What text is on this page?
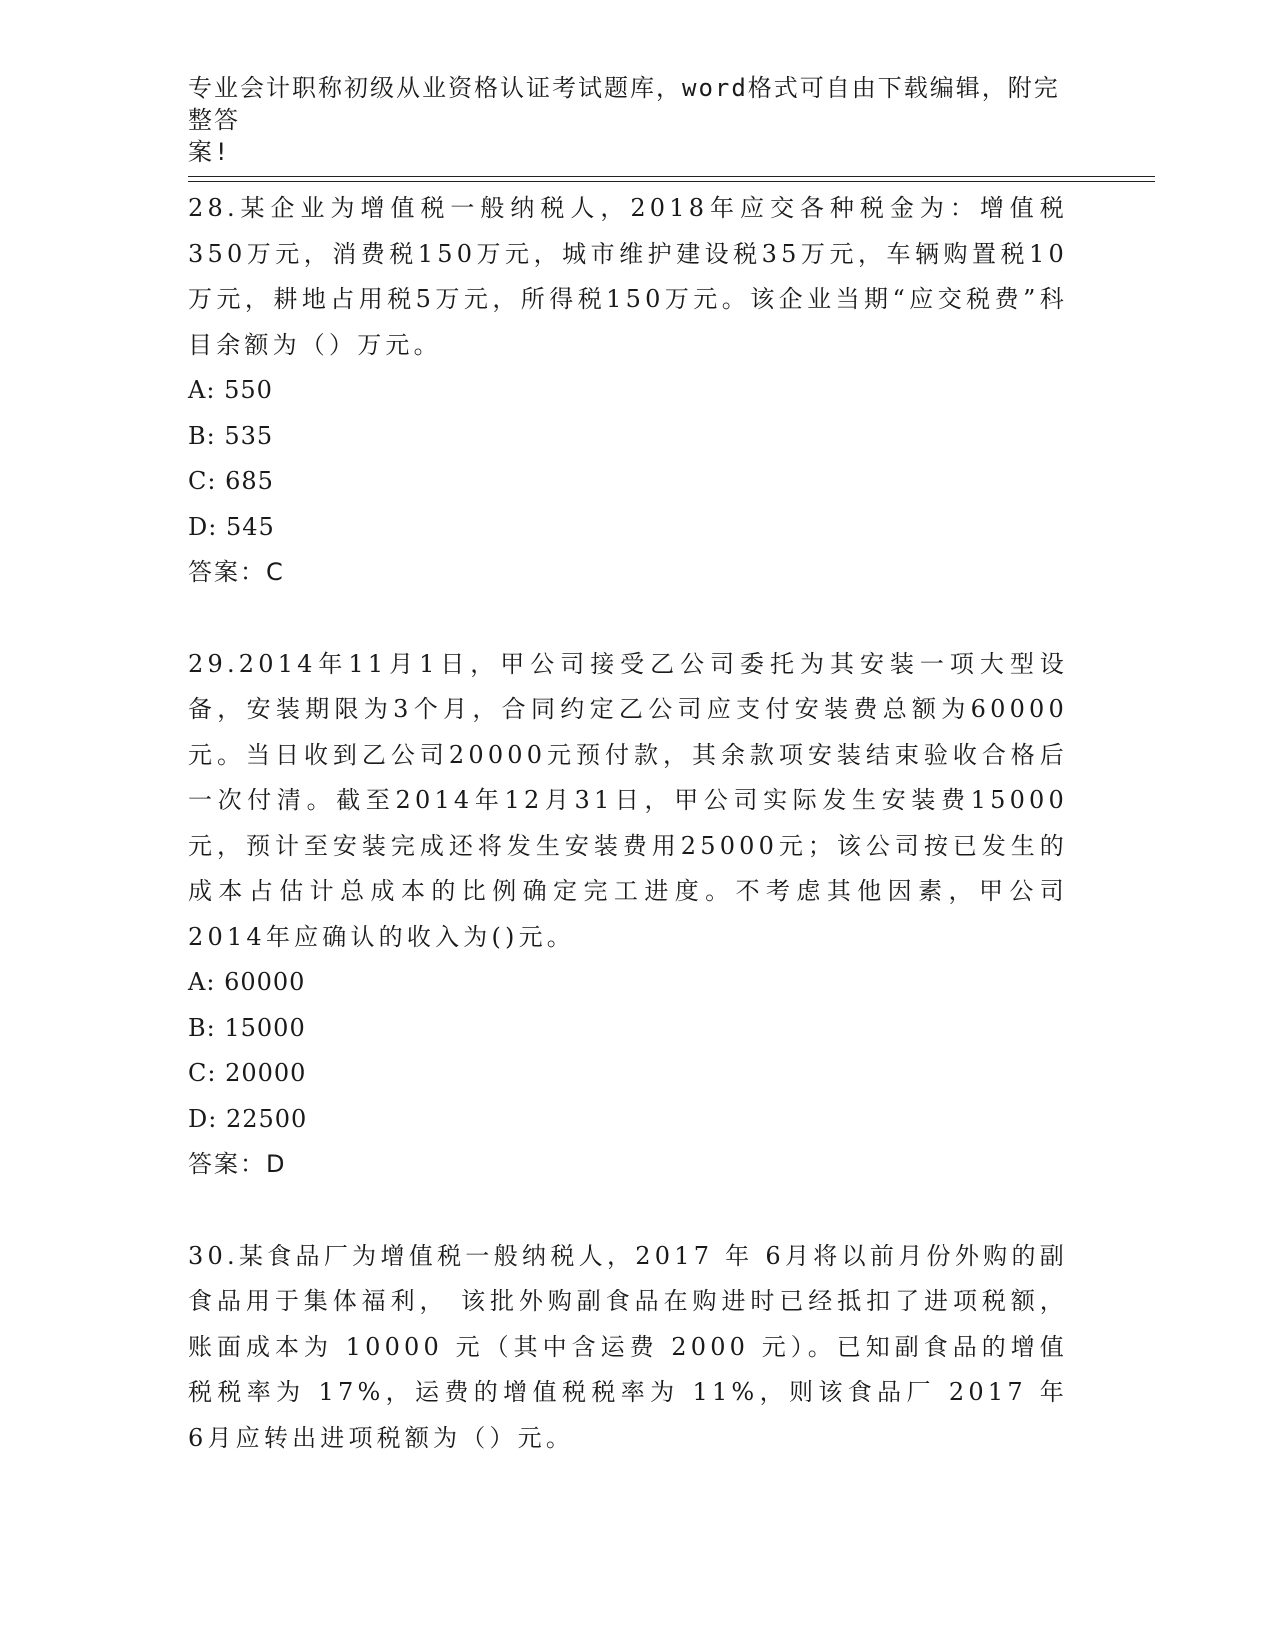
专业会计职称初级从业资格认证考试题库，word格式可自由下载编辑，附完整答
案!

28.某企业为增值税一般纳税人，2018年应交各种税金为：增值税350万元，消费税150万元，城市维护建设税35万元，车辆购置税10万元，耕地占用税5万元，所得税150万元。该企业当期“应交税费”科目余额为（）万元。

A: 550
B: 535
C: 685
D: 545

答案：C

29.2014年11月1日，甲公司接受乙公司委托为其安装一项大型设备，安装期限为3个月，合同约定乙公司应支付安装费总额为60000元。当日收到乙公司20000元预付款，其余款项安装结束验收合格后一次付清。截至2014年12月31日，甲公司实际发生安装费15000元，预计至安装完成还将发生安装费用25000元；该公司按已发生的成本占估计总成本的比例确定完工进度。不考虑其他因素，甲公司2014年应确认的收入为()元。

A: 60000
B: 15000
C: 20000
D: 22500

答案：D

30.某食品厂为增值税一般纳税人，2017 年 6月将以前月份外购的副食品用于集体福利， 该批外购副食品在购进时已经抵扣了进项税额，账面成本为 10000 元（其中含运费 2000 元）。已知副食品的增值税税率为 17%，运费的增值税税率为 11%，则该食品厂 2017 年 6月应转出进项税额为（）元。
